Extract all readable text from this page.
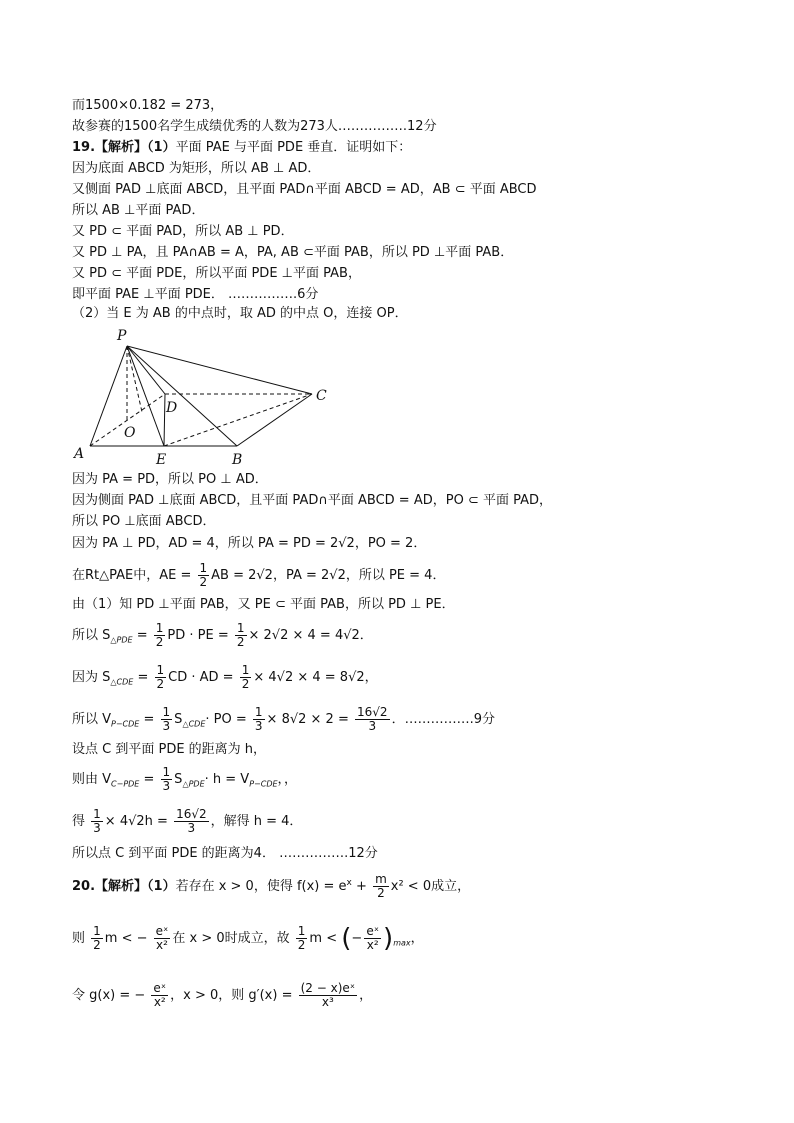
而1500×0.182 = 273，
故参赛的1500名学生成绩优秀的人数为273人…………….12分
19.【解析】（1）平面 PAE 与平面 PDE 垂直．证明如下：
因为底面 ABCD 为矩形，所以 AB ⊥ AD．
又侧面 PAD ⊥底面 ABCD，且平面 PAD∩平面 ABCD = AD，AB ⊂ 平面 ABCD
所以 AB ⊥平面 PAD．
又 PD ⊂ 平面 PAD，所以 AB ⊥ PD．
又 PD ⊥ PA，且 PA∩AB = A，PA, AB ⊂平面 PAB，所以 PD ⊥平面 PAB．
又 PD ⊂ 平面 PDE，所以平面 PDE ⊥平面 PAB，
即平面 PAE ⊥平面 PDE． …………….6分
（2）当 E 为 AB 的中点时，取 AD 的中点 O，连接 OP．
P
A	B
C
D
E
O
因为 PA = PD，所以 PO ⊥ AD．
因为侧面 PAD ⊥底面 ABCD，且平面 PAD∩平面 ABCD = AD，PO ⊂ 平面 PAD，
所以 PO ⊥底面 ABCD．
因为 PA ⊥ PD，AD = 4，所以 PA = PD = 2√2，PO = 2．
在Rt△PAE中，AE = $\frac{1}{2}$ AB = 2√2，PA = 2√2，所以 PE = 4．
由（1）知 PD ⊥平面 PAB，又 PE ⊂ 平面 PAB，所以 PD ⊥ PE．
所以 $S_{\triangle PDE} = \frac{1}{2}$ PD · PE = $\frac{1}{2} \times 2√2 \times 4 = 4√2$．
因为 $S_{\triangle CDE} = \frac{1}{2}$ CD · AD = $\frac{1}{2} \times 4√2 \times 4 = 8√2$，
所以 $V_{P-CDE} = \frac{1}{3} S_{\triangle CDE}\cdot$ PO = $\frac{1}{3} \times 8√2 \times 2 = \frac{16√2}{3}$ ．…………….9分
设点 C 到平面 PDE 的距离为 h，
则由 $V_{C-PDE} = \frac{1}{3} S_{\triangle PDE}\cdot h = V_{P-CDE}$，，
得 $\frac{1}{3} \times 4√2h = \frac{16√2}{3}$ ，解得 h = 4．
所以点 C 到平面 PDE 的距离为4． …………….12分
20.【解析】（1）若存在 x > 0，使得 $f(x) = e^x + \frac{m}{2} x^2 < 0$成立，
则 $\frac{1}{2}$ m < − $\frac{\text{eˣ}}{\text{x²}}$ 在 x > 0时成立，故 $\frac{1}{2}$ m < (− $\frac{\text{eˣ}}{\text{x²}} )_{max}$，
令 g(x) = − $\frac{\text{eˣ}}{\text{x²}}$ ，x > 0，则 $g'(x) = \frac{\text{(2 − x)eˣ}}{\text{x³}}$ ，
